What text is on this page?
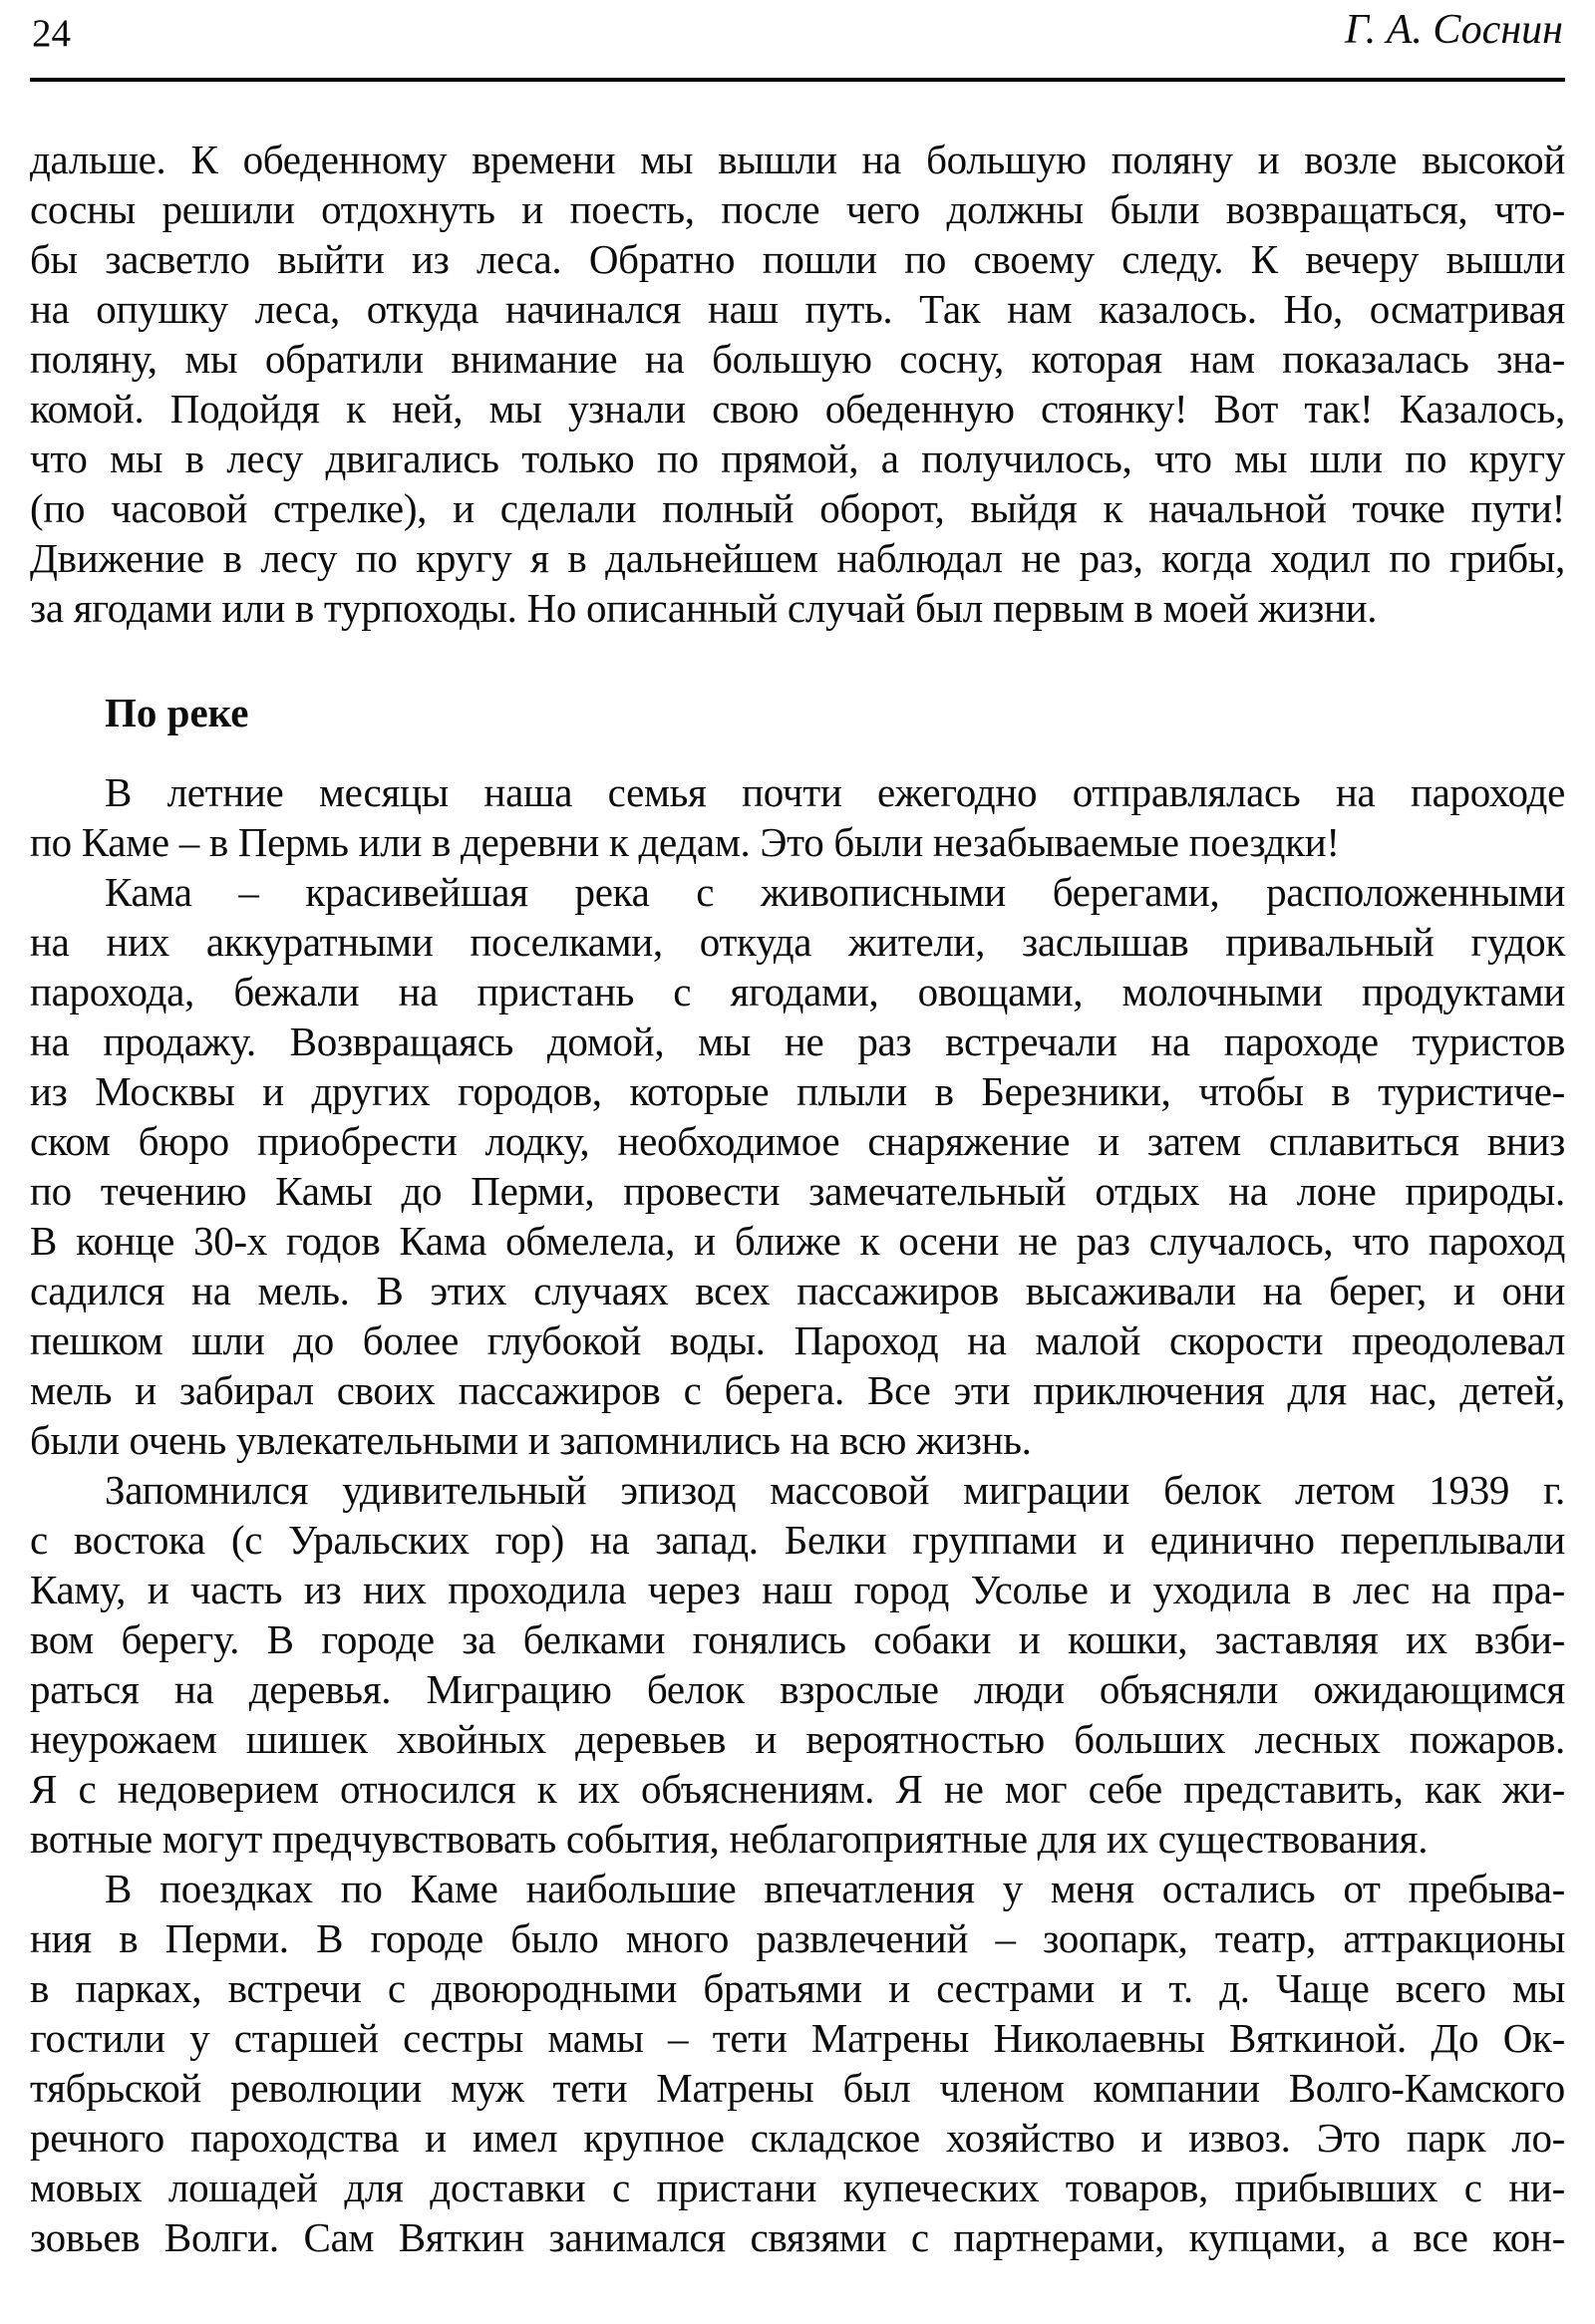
24	Г. А. Соснин
дальше. К обеденному времени мы вышли на большую поляну и возле высокой
сосны решили отдохнуть и поесть, после чего должны были возвращаться, что-
бы засветло выйти из леса. Обратно пошли по своему следу. К вечеру вышли
на опушку леса, откуда начинался наш путь. Так нам казалось. Но, осматривая
поляну, мы обратили внимание на большую сосну, которая нам показалась зна-
комой. Подойдя к ней, мы узнали свою обеденную стоянку! Вот так! Казалось,
что мы в лесу двигались только по прямой, а получилось, что мы шли по кругу
(по часовой стрелке), и сделали полный оборот, выйдя к начальной точке пути!
Движение в лесу по кругу я в дальнейшем наблюдал не раз, когда ходил по грибы,
за ягодами или в турпоходы. Но описанный случай был первым в моей жизни.
По реке
В летние месяцы наша семья почти ежегодно отправлялась на пароходе
по Каме – в Пермь или в деревни к дедам. Это были незабываемые поездки!
Кама – красивейшая река с живописными берегами, расположенными
на них аккуратными поселками, откуда жители, заслышав привальный гудок
парохода, бежали на пристань с ягодами, овощами, молочными продуктами
на продажу. Возвращаясь домой, мы не раз встречали на пароходе туристов
из Москвы и других городов, которые плыли в Березники, чтобы в туристиче-
ском бюро приобрести лодку, необходимое снаряжение и затем сплавиться вниз
по течению Камы до Перми, провести замечательный отдых на лоне природы.
В конце 30-х годов Кама обмелела, и ближе к осени не раз случалось, что пароход
садился на мель. В этих случаях всех пассажиров высаживали на берег, и они
пешком шли до более глубокой воды. Пароход на малой скорости преодолевал
мель и забирал своих пассажиров с берега. Все эти приключения для нас, детей,
были очень увлекательными и запомнились на всю жизнь.
Запомнился удивительный эпизод массовой миграции белок летом 1939 г.
с востока (с Уральских гор) на запад. Белки группами и единично переплывали
Каму, и часть из них проходила через наш город Усолье и уходила в лес на пра-
вом берегу. В городе за белками гонялись собаки и кошки, заставляя их взби-
раться на деревья. Миграцию белок взрослые люди объясняли ожидающимся
неурожаем шишек хвойных деревьев и вероятностью больших лесных пожаров.
Я с недоверием относился к их объяснениям. Я не мог себе представить, как жи-
вотные могут предчувствовать события, неблагоприятные для их существования.
В поездках по Каме наибольшие впечатления у меня остались от пребыва-
ния в Перми. В городе было много развлечений – зоопарк, театр, аттракционы
в парках, встречи с двоюродными братьями и сестрами и т. д. Чаще всего мы
гостили у старшей сестры мамы – тети Матрены Николаевны Вяткиной. До Ок-
тябрьской революции муж тети Матрены был членом компании Волго-Камского
речного пароходства и имел крупное складское хозяйство и извоз. Это парк ло-
мовых лошадей для доставки с пристани купеческих товаров, прибывших с ни-
зовьев Волги. Сам Вяткин занимался связями с партнерами, купцами, а все кон-
